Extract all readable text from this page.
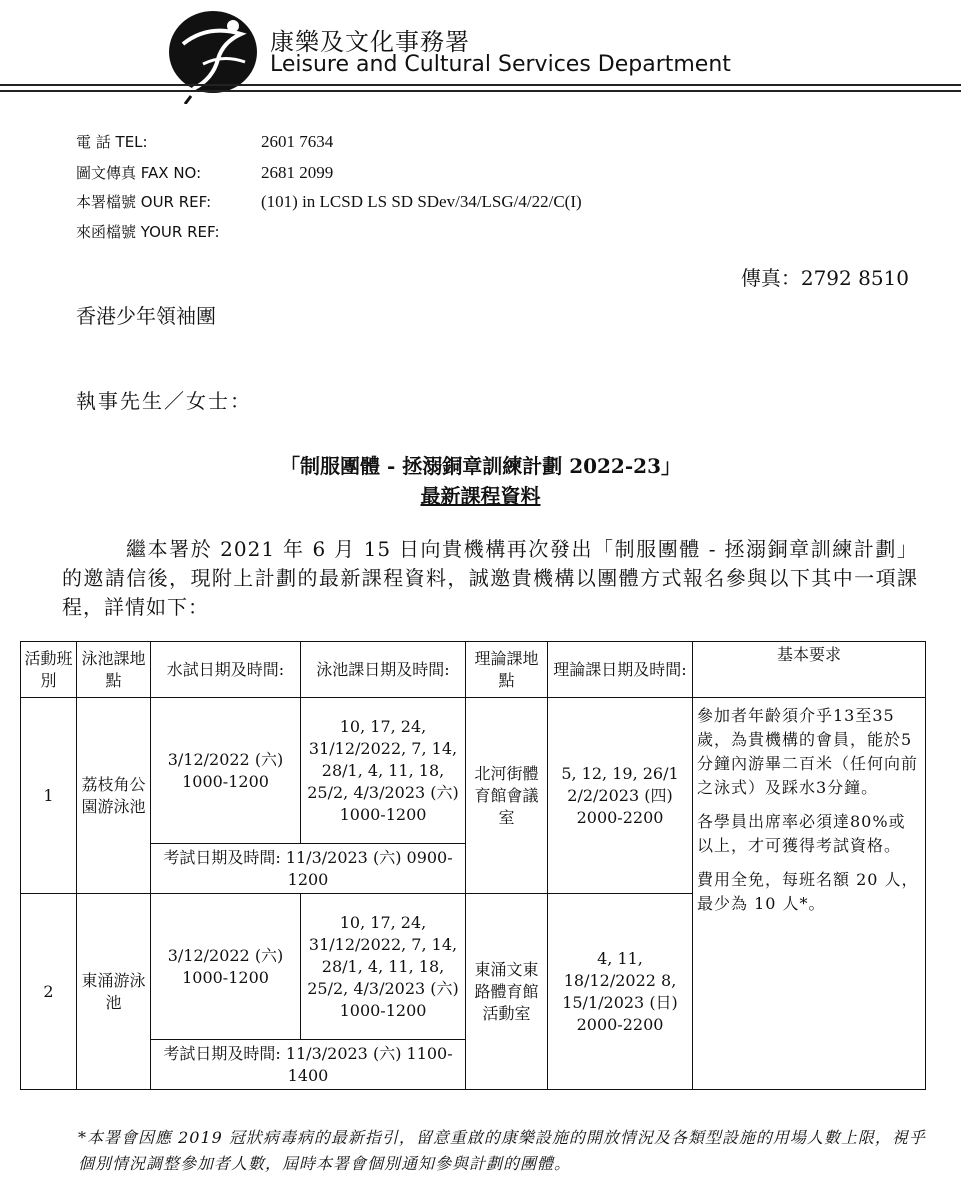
康樂及文化事務署
Leisure and Cultural Services Department
電 話 TEL:	2601 7634
圖文傳真 FAX NO:	2681 2099
本署檔號 OUR REF:	(101) in LCSD LS SD SDev/34/LSG/4/22/C(I)
來函檔號 YOUR REF:
傳真：2792 8510
香港少年領袖團
執事先生／女士：
「制服團體 - 拯溺銅章訓練計劃 2022-23」
最新課程資料
繼本署於 2021 年 6 月 15 日向貴機構再次發出「制服團體 - 拯溺銅章訓練計劃」的邀請信後，現附上計劃的最新課程資料，誠邀貴機構以團體方式報名參與以下其中一項課程，詳情如下：
活動班別	泳池課地點	水試日期及時間:	泳池課日期及時間:	理論課地點	理論課日期及時間:	基本要求
1	荔枝角公園游泳池	3/12/2022 (六) 1000-1200	10, 17, 24, 31/12/2022, 7, 14, 28/1, 4, 11, 18, 25/2, 4/3/2023 (六) 1000-1200	北河街體育館會議室	5, 12, 19, 26/1 2/2/2023 (四) 2000-2200	參加者年齡須介乎13至35歲，為貴機構的會員，能於5分鐘內游畢二百米（任何向前之泳式）及踩水3分鐘。

各學員出席率必須達80%或以上，才可獲得考試資格。

費用全免，每班名額 20 人，最少為 10 人*。

		考試日期及時間: 11/3/2023 (六) 0900-1200				
2	東涌游泳池	3/12/2022 (六) 1000-1200	10, 17, 24, 31/12/2022, 7, 14, 28/1, 4, 11, 18, 25/2, 4/3/2023 (六) 1000-1200	東涌文東路體育館活動室	4, 11, 18/12/2022 8, 15/1/2023 (日) 2000-2200	
		考試日期及時間: 11/3/2023 (六) 1100-1400				
*本署會因應 2019 冠狀病毒病的最新指引，留意重啟的康樂設施的開放情況及各類型設施的用場人數上限，視乎個別情況調整參加者人數，屆時本署會個別通知參與計劃的團體。
